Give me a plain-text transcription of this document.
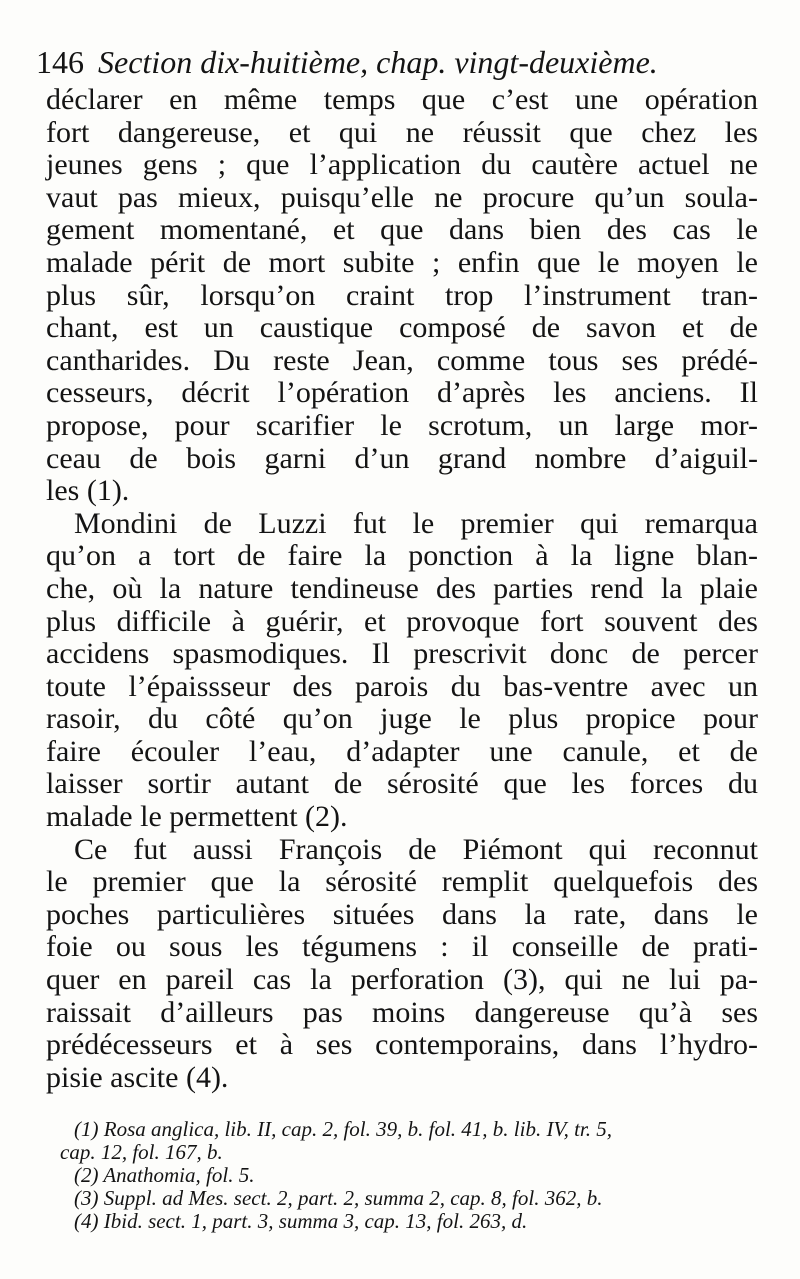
146 Section dix-huitième, chap. vingt-deuxième.
déclarer en même temps que c’est une opération
fort dangereuse, et qui ne réussit que chez les
jeunes gens ; que l’application du cautère actuel ne
vaut pas mieux, puisqu’elle ne procure qu’un soula-
gement momentané, et que dans bien des cas le
malade périt de mort subite ; enfin que le moyen le
plus sûr, lorsqu’on craint trop l’instrument tran-
chant, est un caustique composé de savon et de
cantharides. Du reste Jean, comme tous ses prédé-
cesseurs, décrit l’opération d’après les anciens. Il
propose, pour scarifier le scrotum, un large mor-
ceau de bois garni d’un grand nombre d’aiguil-
les (1).
Mondini de Luzzi fut le premier qui remarqua
qu’on a tort de faire la ponction à la ligne blan-
che, où la nature tendineuse des parties rend la plaie
plus difficile à guérir, et provoque fort souvent des
accidens spasmodiques. Il prescrivit donc de percer
toute l’épaissseur des parois du bas-ventre avec un
rasoir, du côté qu’on juge le plus propice pour
faire écouler l’eau, d’adapter une canule, et de
laisser sortir autant de sérosité que les forces du
malade le permettent (2).
Ce fut aussi François de Piémont qui reconnut
le premier que la sérosité remplit quelquefois des
poches particulières situées dans la rate, dans le
foie ou sous les tégumens : il conseille de prati-
quer en pareil cas la perforation (3), qui ne lui pa-
raissait d’ailleurs pas moins dangereuse qu’à ses
prédécesseurs et à ses contemporains, dans l’hydro-
pisie ascite (4).
(1) Rosa anglica, lib. II, cap. 2, fol. 39, b. fol. 41, b. lib. IV, tr. 5,
cap. 12, fol. 167, b.
(2) Anathomia, fol. 5.
(3) Suppl. ad Mes. sect. 2, part. 2, summa 2, cap. 8, fol. 362, b.
(4) Ibid. sect. 1, part. 3, summa 3, cap. 13, fol. 263, d.
